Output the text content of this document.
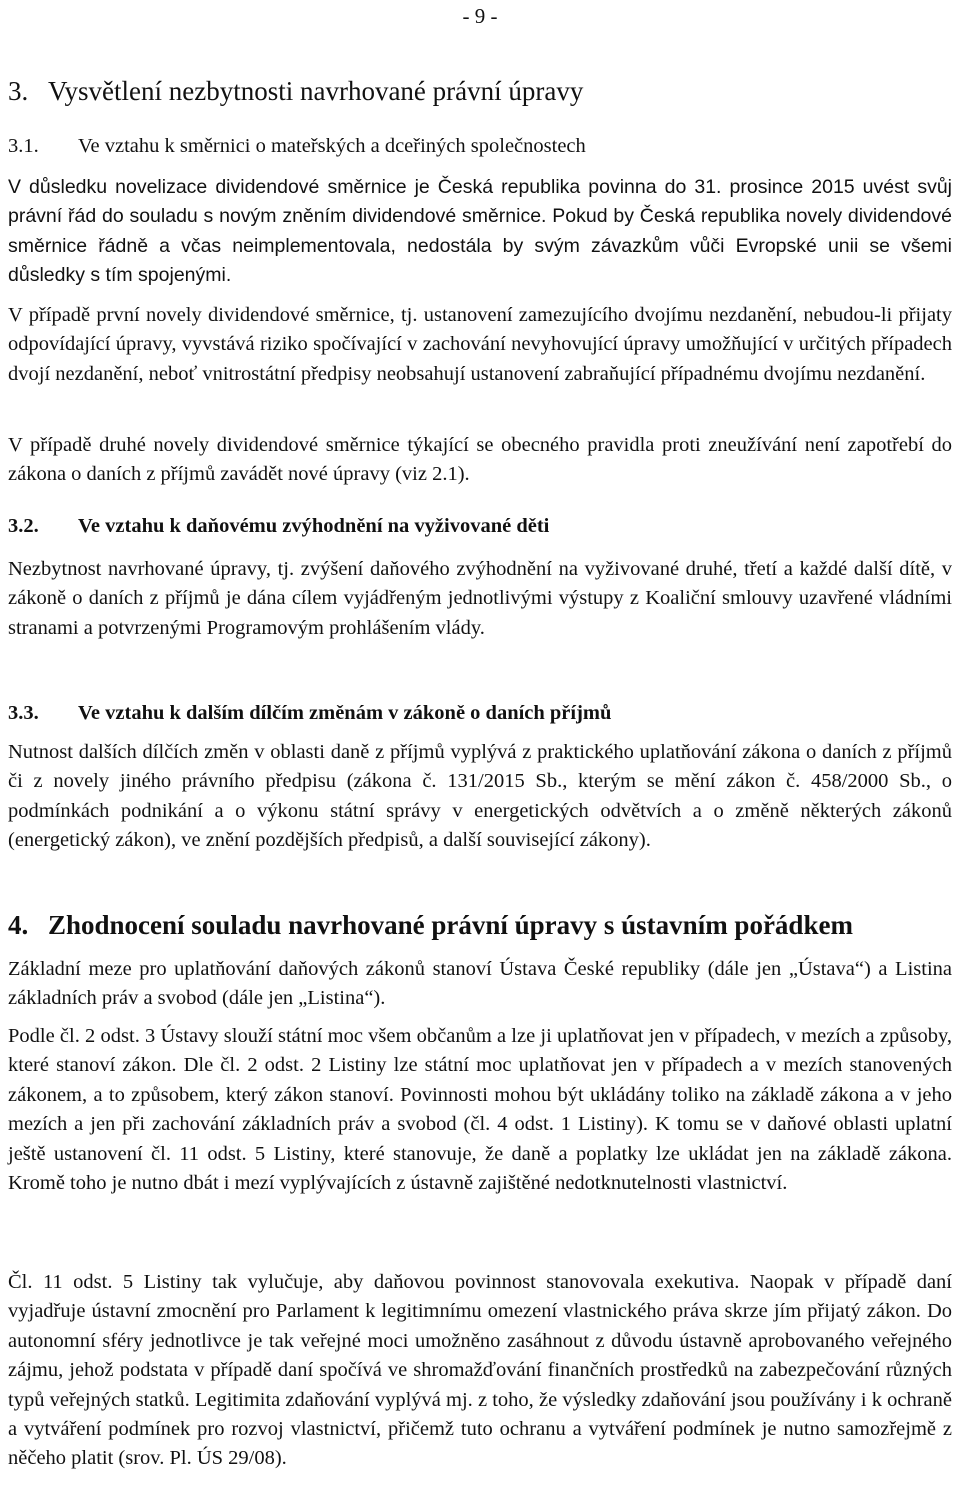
- 9 -
3. Vysvětlení nezbytnosti navrhované právní úpravy
3.1. Ve vztahu k směrnici o mateřských a dceřiných společnostech

V důsledku novelizace dividendové směrnice je Česká republika povinna do 31. prosince 2015 uvést svůj právní řád do souladu s novým zněním dividendové směrnice. Pokud by Česká republika novely dividendové směrnice řádně a včas neimplementovala, nedostála by svým závazkům vůči Evropské unii se všemi důsledky s tím spojenými.

V případě první novely dividendové směrnice, tj. ustanovení zamezujícího dvojímu nezdanění, nebudou-li přijaty odpovídající úpravy, vyvstává riziko spočívající v zachování nevyhovující úpravy umožňující v určitých případech dvojí nezdanění, neboť vnitrostátní předpisy neobsahují ustanovení zabraňující případnému dvojímu nezdanění.

V případě druhé novely dividendové směrnice týkající se obecného pravidla proti zneužívání není zapotřebí do zákona o daních z příjmů zavádět nové úpravy (viz 2.1).

3.2. Ve vztahu k daňovému zvýhodnění na vyživované děti

Nezbytnost navrhované úpravy, tj. zvýšení daňového zvýhodnění na vyživované druhé, třetí a každé další dítě, v zákoně o daních z příjmů je dána cílem vyjádřeným jednotlivými výstupy z Koaliční smlouvy uzavřené vládními stranami a potvrzenými Programovým prohlášením vlády.

3.3. Ve vztahu k dalším dílčím změnám v zákoně o daních příjmů

Nutnost dalších dílčích změn v oblasti daně z příjmů vyplývá z praktického uplatňování zákona o daních z příjmů či z novely jiného právního předpisu (zákona č. 131/2015 Sb., kterým se mění zákon č. 458/2000 Sb., o podmínkách podnikání a o výkonu státní správy v energetických odvětvích a o změně některých zákonů (energetický zákon), ve znění pozdějších předpisů, a další související zákony).

4. Zhodnocení souladu navrhované právní úpravy s ústavním pořádkem

Základní meze pro uplatňování daňových zákonů stanoví Ústava České republiky (dále jen „Ústava“) a Listina základních práv a svobod (dále jen „Listina“).

Podle čl. 2 odst. 3 Ústavy slouží státní moc všem občanům a lze ji uplatňovat jen v případech, v mezích a způsoby, které stanoví zákon. Dle čl. 2 odst. 2 Listiny lze státní moc uplatňovat jen v případech a v mezích stanovených zákonem, a to způsobem, který zákon stanoví. Povinnosti mohou být ukládány toliko na základě zákona a v jeho mezích a jen při zachování základních práv a svobod (čl. 4 odst. 1 Listiny). K tomu se v daňové oblasti uplatní ještě ustanovení čl. 11 odst. 5 Listiny, které stanovuje, že daně a poplatky lze ukládat jen na základě zákona. Kromě toho je nutno dbát i mezí vyplývajících z ústavně zajištěné nedotknutelnosti vlastnictví.

Čl. 11 odst. 5 Listiny tak vylučuje, aby daňovou povinnost stanovovala exekutiva. Naopak v případě daní vyjadřuje ústavní zmocnění pro Parlament k legitimnímu omezení vlastnického práva skrze jím přijatý zákon. Do autonomní sféry jednotlivce je tak veřejné moci umožněno zasáhnout z důvodu ústavně aprobovaného veřejného zájmu, jehož podstata v případě daní spočívá ve shromažďování finančních prostředků na zabezpečování různých typů veřejných statků. Legitimita zdaňování vyplývá mj. z toho, že výsledky zdaňování jsou používány i k ochraně a vytváření podmínek pro rozvoj vlastnictví, přičemž tuto ochranu a vytváření podmínek je nutno samozřejmě z něčeho platit (srov. Pl. ÚS 29/08).
